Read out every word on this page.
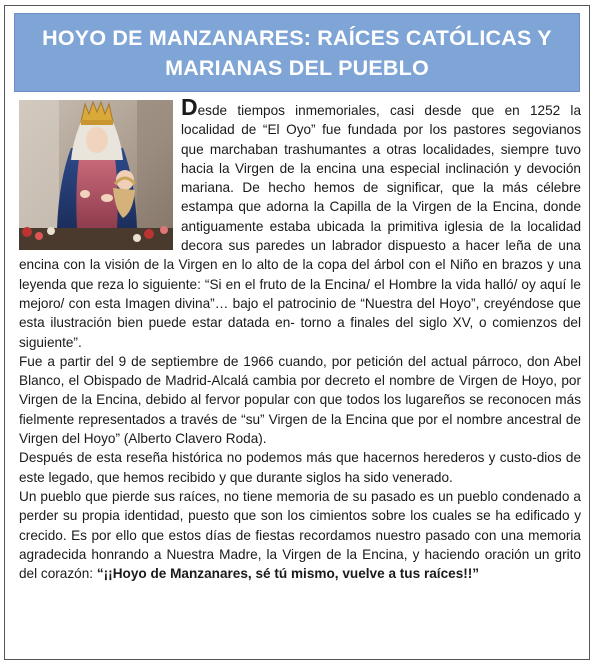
HOYO DE MANZANARES: RAÍCES CATÓLICAS Y MARIANAS DEL PUEBLO

Desde tiempos inmemoriales, casi desde que en 1252 la localidad de “El Oyo” fue fundada por los pastores segovianos que marchaban trashumantes a otras localidades, siempre tuvo hacia la Virgen de la encina una especial inclinación y devoción mariana. De hecho hemos de significar, que la más célebre estampa que adorna la Capilla de la Virgen de la Encina, donde antiguamente estaba ubicada la primitiva iglesia de la localidad decora sus paredes un labrador dispuesto a hacer leña de una encina con la visión de la Virgen en lo alto de la copa del árbol con el Niño en brazos y una leyenda que reza lo siguiente: “Si en el fruto de la Encina/ el Hombre la vida halló/ oy aquí le mejoro/ con esta Imagen divina”… bajo el patrocinio de “Nuestra del Hoyo”, creyéndose que esta ilustración bien puede estar datada en- torno a finales del siglo XV, o comienzos del siguiente”.

Fue a partir del 9 de septiembre de 1966 cuando, por petición del actual párroco, don Abel Blanco, el Obispado de Madrid-Alcalá cambia por decreto el nombre de Virgen de Hoyo, por Virgen de la Encina, debido al fervor popular con que todos los lugareños se reconocen más fielmente representados a través de “su” Virgen de la Encina que por el nombre ancestral de Virgen del Hoyo” (Alberto Clavero Roda).

Después de esta reseña histórica no podemos más que hacernos herederos y custo-dios de este legado, que hemos recibido y que durante siglos ha sido venerado.

Un pueblo que pierde sus raíces, no tiene memoria de su pasado es un pueblo condenado a perder su propia identidad, puesto que son los cimientos sobre los cuales se ha edificado y crecido. Es por ello que estos días de fiestas recordamos nuestro pasado con una memoria agradecida honrando a Nuestra Madre, la Virgen de la Encina, y haciendo oración un grito del corazón: “¡¡Hoyo de Manzanares, sé tú mismo, vuelve a tus raíces!!”
